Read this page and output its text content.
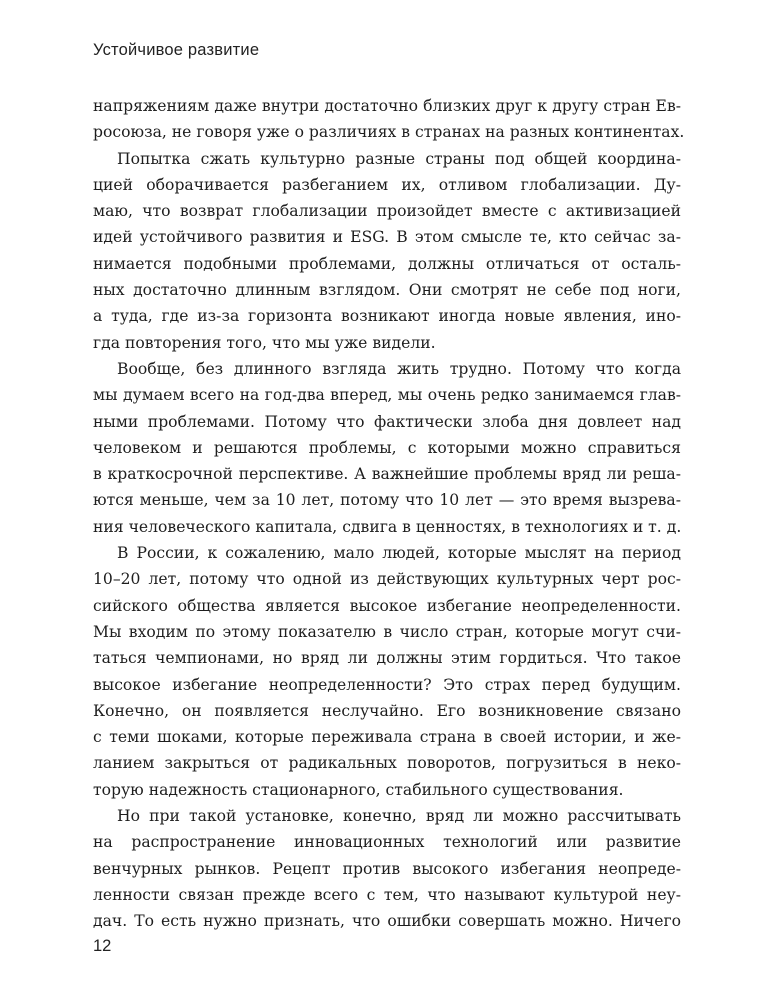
Устойчивое развитие
напряжениям даже внутри достаточно близких друг к другу стран Ев-
росоюза, не говоря уже о различиях в странах на разных континентах.
Попытка сжать культурно разные страны под общей координа-
цией оборачивается разбеганием их, отливом глобализации. Ду-
маю, что возврат глобализации произойдет вместе с активизацией
идей устойчивого развития и ESG. В этом смысле те, кто сейчас за-
нимается подобными проблемами, должны отличаться от осталь-
ных достаточно длинным взглядом. Они смотрят не себе под ноги,
а туда, где из-за горизонта возникают иногда новые явления, ино-
гда повторения того, что мы уже видели.
Вообще, без длинного взгляда жить трудно. Потому что когда
мы думаем всего на год-два вперед, мы очень редко занимаемся глав-
ными проблемами. Потому что фактически злоба дня довлеет над
человеком и решаются проблемы, с которыми можно справиться
в краткосрочной перспективе. А важнейшие проблемы вряд ли реша-
ются меньше, чем за 10 лет, потому что 10 лет — это время вызрева-
ния человеческого капитала, сдвига в ценностях, в технологиях и т. д.
В России, к сожалению, мало людей, которые мыслят на период
10–20 лет, потому что одной из действующих культурных черт рос-
сийского общества является высокое избегание неопределенности.
Мы входим по этому показателю в число стран, которые могут счи-
таться чемпионами, но вряд ли должны этим гордиться. Что такое
высокое избегание неопределенности? Это страх перед будущим.
Конечно, он появляется неслучайно. Его возникновение связано
с теми шоками, которые переживала страна в своей истории, и же-
ланием закрыться от радикальных поворотов, погрузиться в неко-
торую надежность стационарного, стабильного существования.
Но при такой установке, конечно, вряд ли можно рассчитывать
на распространение инновационных технологий или развитие
венчурных рынков. Рецепт против высокого избегания неопреде-
ленности связан прежде всего с тем, что называют культурой неу-
дач. То есть нужно признать, что ошибки совершать можно. Ничего
12
